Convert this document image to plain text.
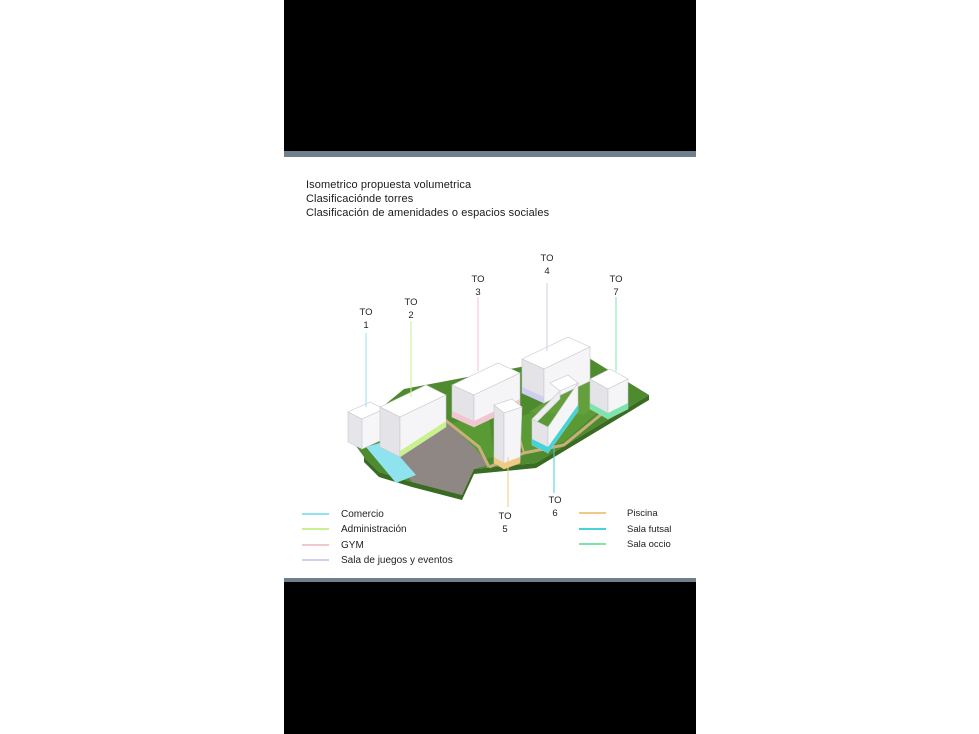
Isometrico propuesta volumetrica
Clasificaciónde torres
Clasificación de amenidades o espacios sociales
TO
1
TO
2
TO
3
TO
4
TO
5
TO
6
TO
7
Comercio
Administración
GYM
Sala de juegos y eventos
Piscina
Sala futsal
Sala occio
